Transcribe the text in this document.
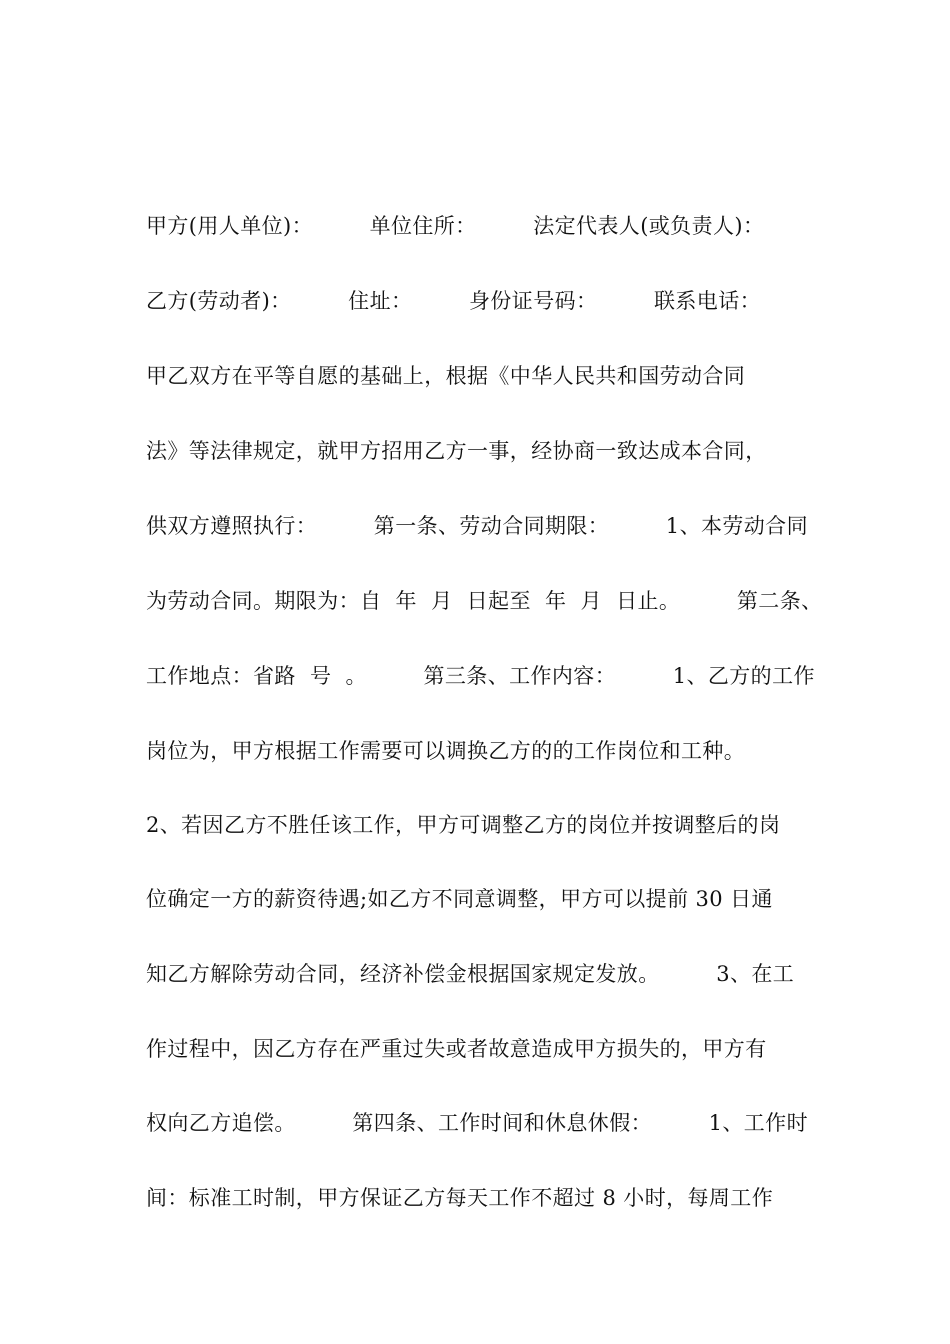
甲方(用人单位)：        单位住所：        法定代表人(或负责人)：
乙方(劳动者)：        住址：        身份证号码：        联系电话：
甲乙双方在平等自愿的基础上，根据《中华人民共和国劳动合同
法》等法律规定，就甲方招用乙方一事，经协商一致达成本合同，
供双方遵照执行：        第一条、劳动合同期限：        1、本劳动合同
为劳动合同。期限为：自  年  月  日起至  年  月  日止。        第二条、
工作地点：省路  号  。        第三条、工作内容：        1、乙方的工作
岗位为，甲方根据工作需要可以调换乙方的的工作岗位和工种。
2、若因乙方不胜任该工作，甲方可调整乙方的岗位并按调整后的岗
位确定一方的薪资待遇;如乙方不同意调整，甲方可以提前 30 日通
知乙方解除劳动合同，经济补偿金根据国家规定发放。        3、在工
作过程中，因乙方存在严重过失或者故意造成甲方损失的，甲方有
权向乙方追偿。        第四条、工作时间和休息休假：        1、工作时
间：标准工时制，甲方保证乙方每天工作不超过 8 小时，每周工作
